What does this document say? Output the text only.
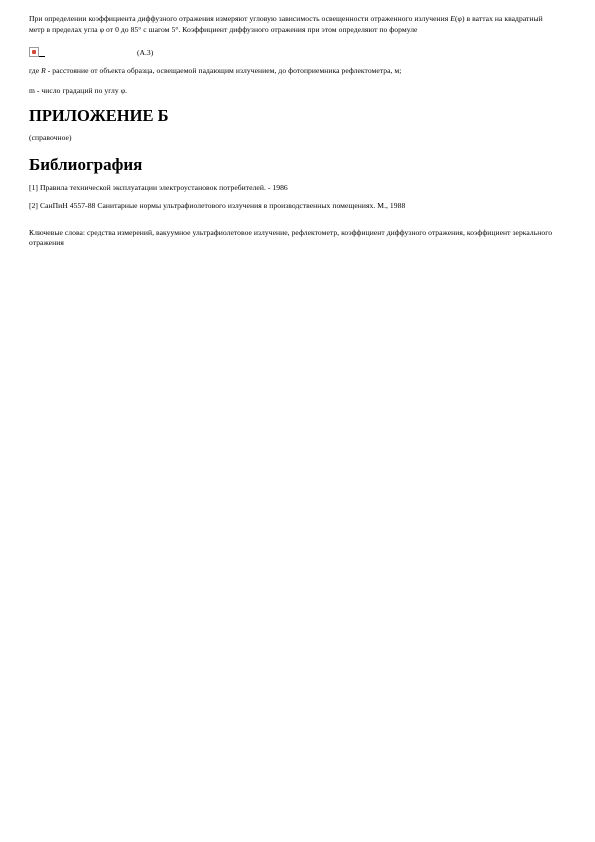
При определении коэффициента диффузного отражения измеряют угловую зависимость освещенности отраженного излучения E(φ) в ваттах на квадратный метр в пределах угла φ от 0 до 85° с шагом 5°. Коэффициент диффузного отражения при этом определяют по формуле

(А.3)

где R - расстояние от объекта образца, освещаемой падающим излучением, до фотоприемника рефлектометра, м;

m - число градаций по углу φ.

ПРИЛОЖЕНИЕ Б

(справочное)

Библиография

[1] Правила технической эксплуатации электроустановок потребителей. - 1986

[2] СанПиН 4557-88 Санитарные нормы ультрафиолетового излучения в производственных помещениях. М., 1988

Ключевые слова: средства измерений, вакуумное ультрафиолетовое излучение, рефлектометр, коэффициент диффузного отражения, коэффициент зеркального отражения
